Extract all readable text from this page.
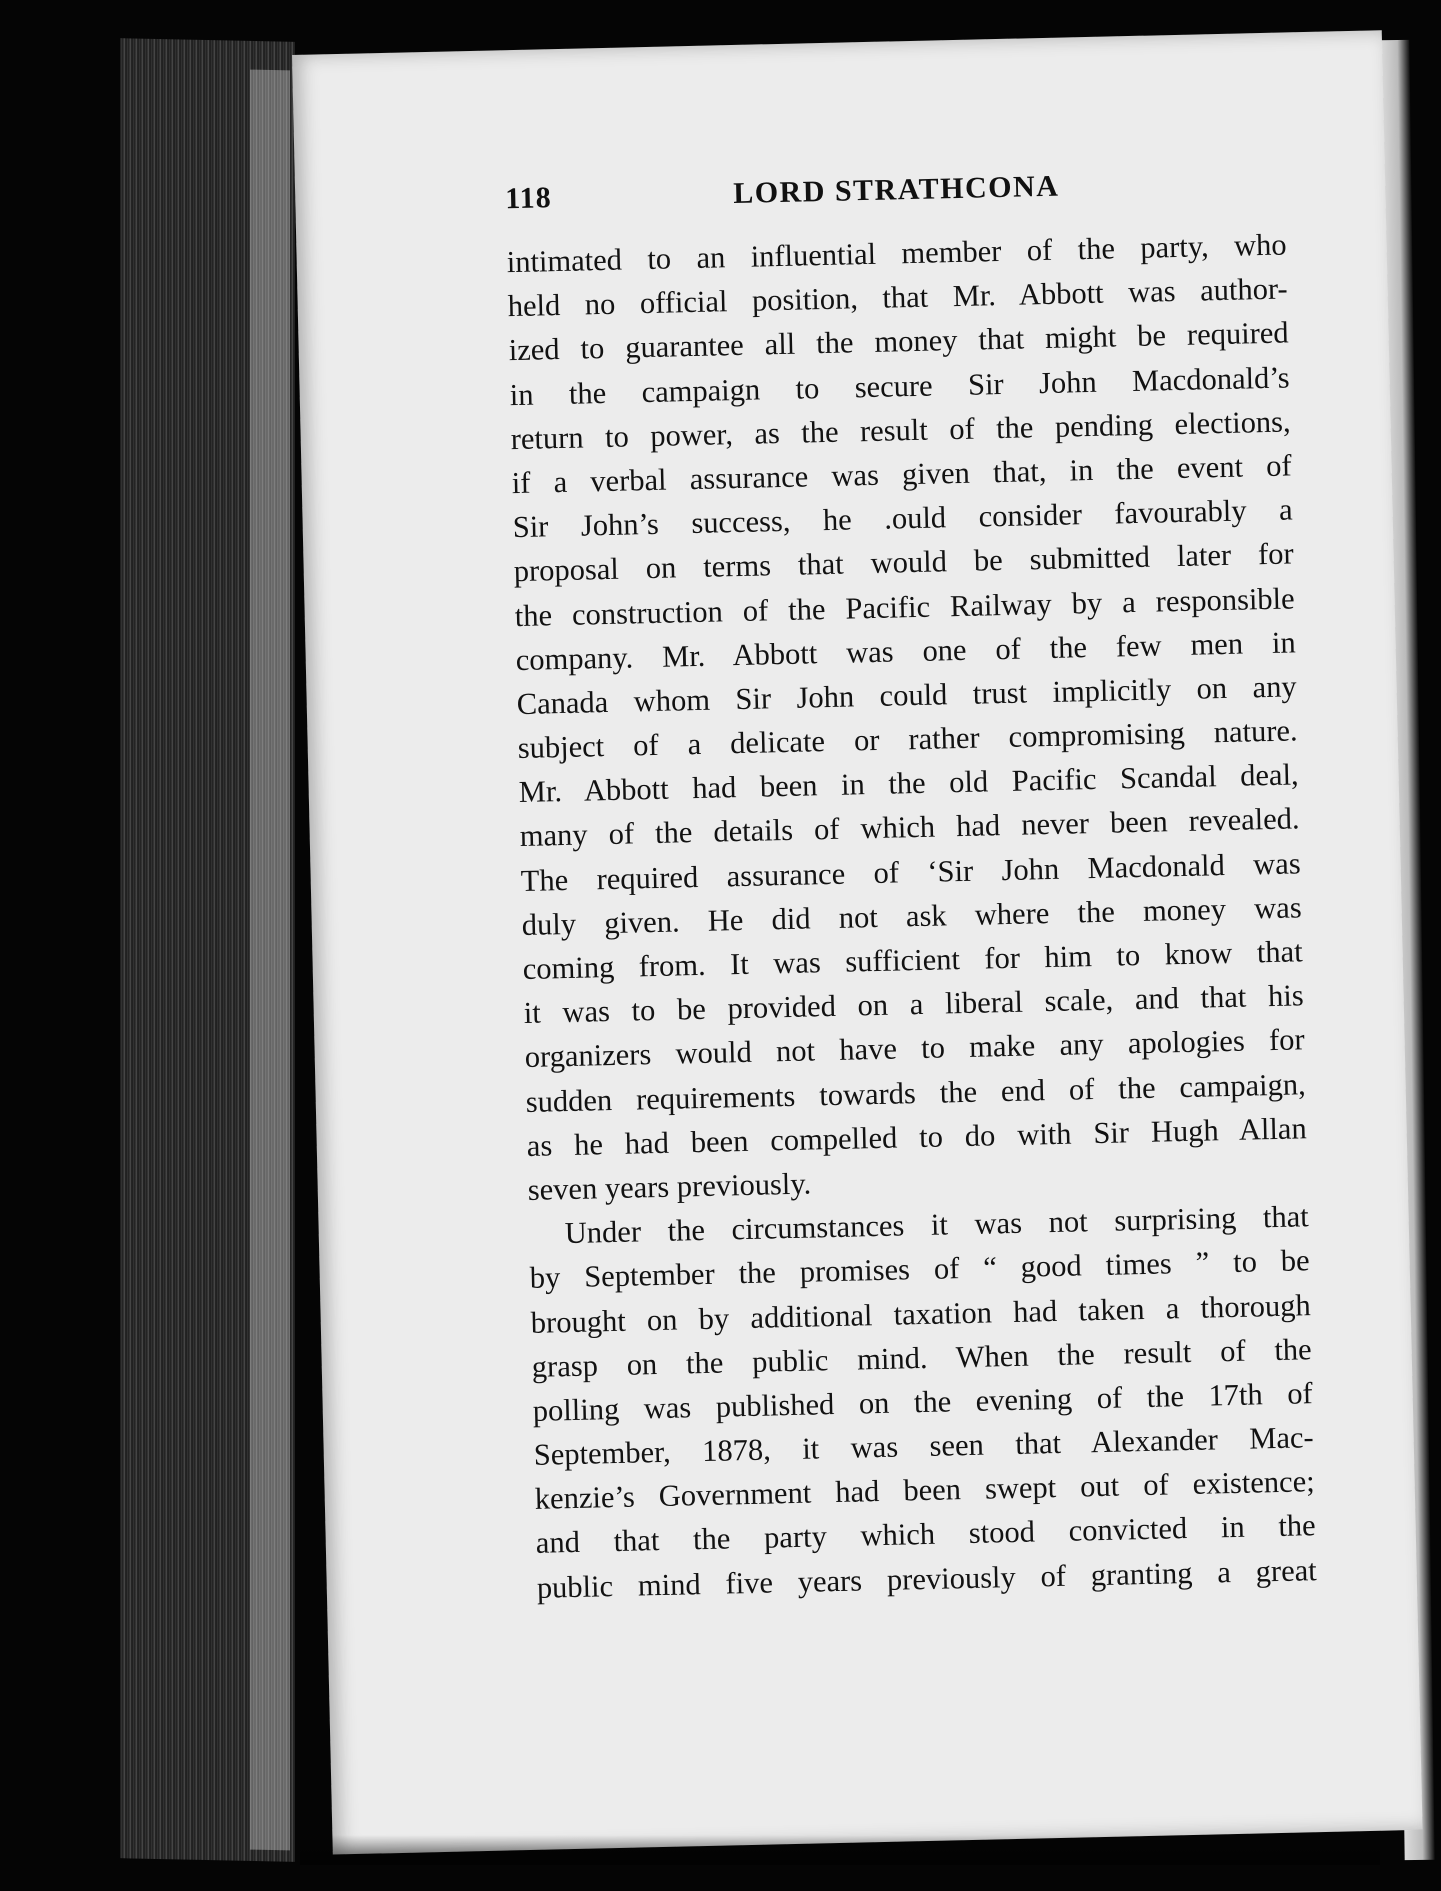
118	LORD STRATHCONA
intimated to an influential member of the party, who
held no official position, that Mr. Abbott was author-
ized to guarantee all the money that might be required
in the campaign to secure Sir John Macdonald’s
return to power, as the result of the pending elections,
if a verbal assurance was given that, in the event of
Sir John’s success, he .ould consider favourably a
proposal on terms that would be submitted later for
the construction of the Pacific Railway by a responsible
company. Mr. Abbott was one of the few men in
Canada whom Sir John could trust implicitly on any
subject of a delicate or rather compromising nature.
Mr. Abbott had been in the old Pacific Scandal deal,
many of the details of which had never been revealed.
The required assurance of ‘Sir John Macdonald was
duly given. He did not ask where the money was
coming from. It was sufficient for him to know that
it was to be provided on a liberal scale, and that his
organizers would not have to make any apologies for
sudden requirements towards the end of the campaign,
as he had been compelled to do with Sir Hugh Allan
seven years previously.
Under the circumstances it was not surprising that
by September the promises of “ good times ” to be
brought on by additional taxation had taken a thorough
grasp on the public mind. When the result of the
polling was published on the evening of the 17th of
September, 1878, it was seen that Alexander Mac-
kenzie’s Government had been swept out of existence;
and that the party which stood convicted in the
public mind five years previously of granting a great
